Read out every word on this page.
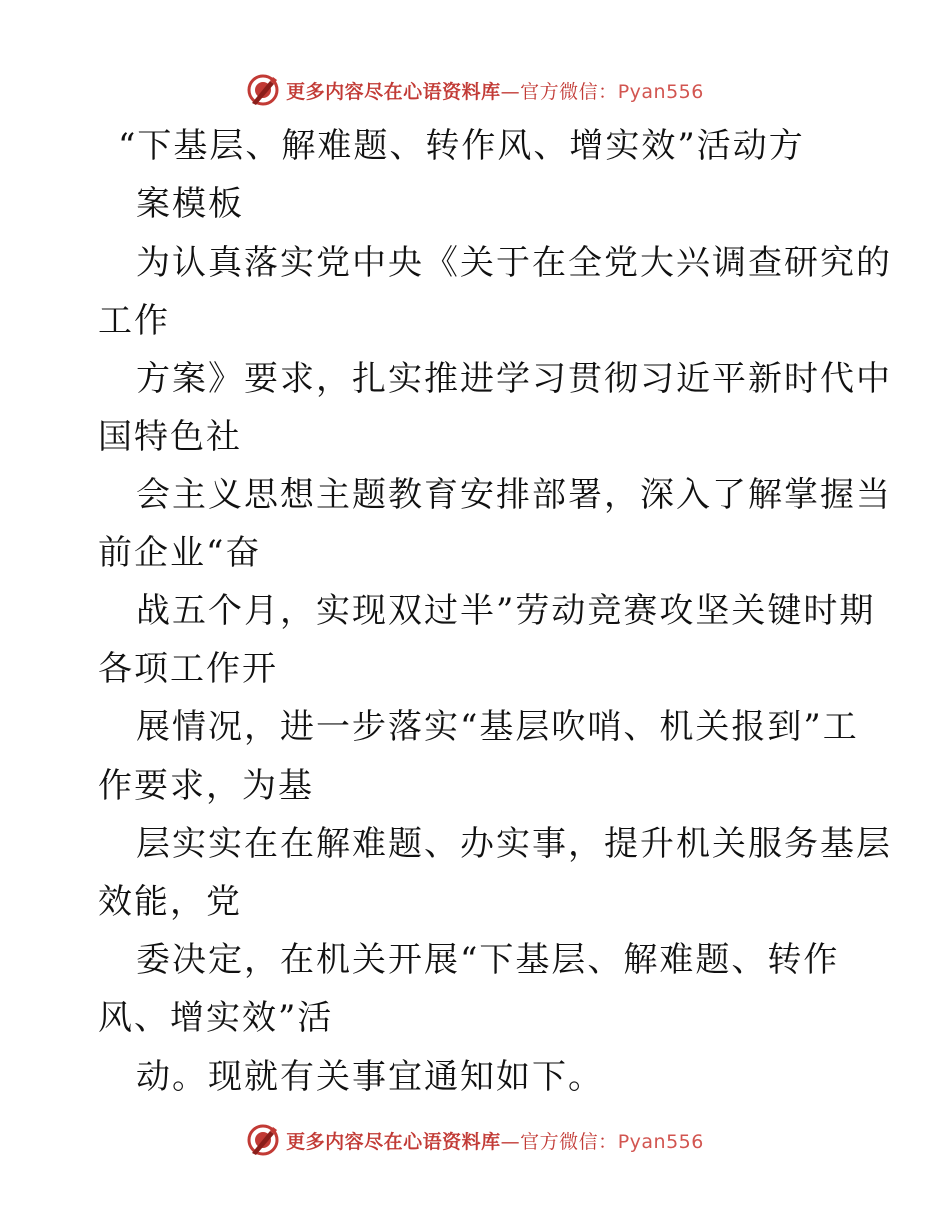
更多内容尽在心语资料库—官方微信：Pyan556
“下基层、解难题、转作风、增实效”活动方
案模板
为认真落实党中央《关于在全党大兴调查研究的
工作
方案》要求，扎实推进学习贯彻习近平新时代中
国特色社
会主义思想主题教育安排部署，深入了解掌握当
前企业“奋
战五个月，实现双过半”劳动竞赛攻坚关键时期
各项工作开
展情况，进一步落实“基层吹哨、机关报到”工
作要求，为基
层实实在在解难题、办实事，提升机关服务基层
效能，党
委决定，在机关开展“下基层、解难题、转作
风、增实效”活
动。现就有关事宜通知如下。
更多内容尽在心语资料库—官方微信：Pyan556
